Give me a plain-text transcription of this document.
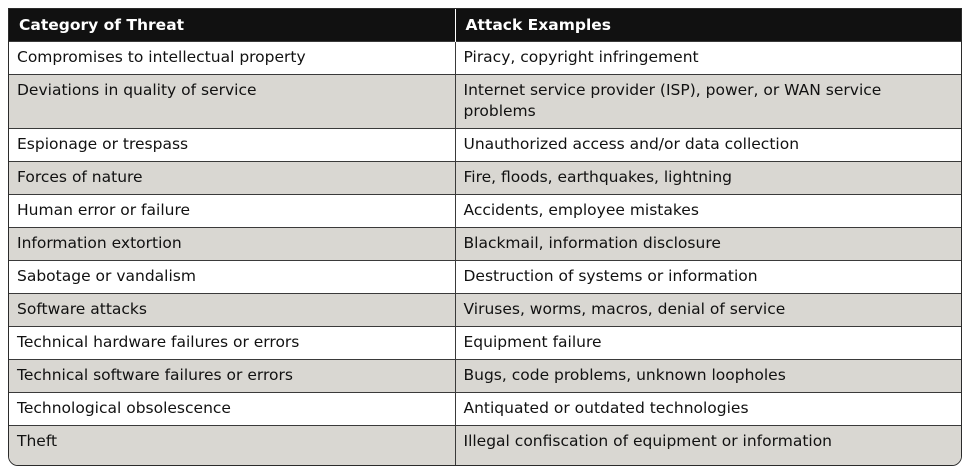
Category of Threat	Attack Examples
Compromises to intellectual property	Piracy, copyright infringement
Deviations in quality of service	Internet service provider (ISP), power, or WAN service problems
Espionage or trespass	Unauthorized access and/or data collection
Forces of nature	Fire, floods, earthquakes, lightning
Human error or failure	Accidents, employee mistakes
Information extortion	Blackmail, information disclosure
Sabotage or vandalism	Destruction of systems or information
Software attacks	Viruses, worms, macros, denial of service
Technical hardware failures or errors	Equipment failure
Technical software failures or errors	Bugs, code problems, unknown loopholes
Technological obsolescence	Antiquated or outdated technologies
Theft	Illegal confiscation of equipment or information
